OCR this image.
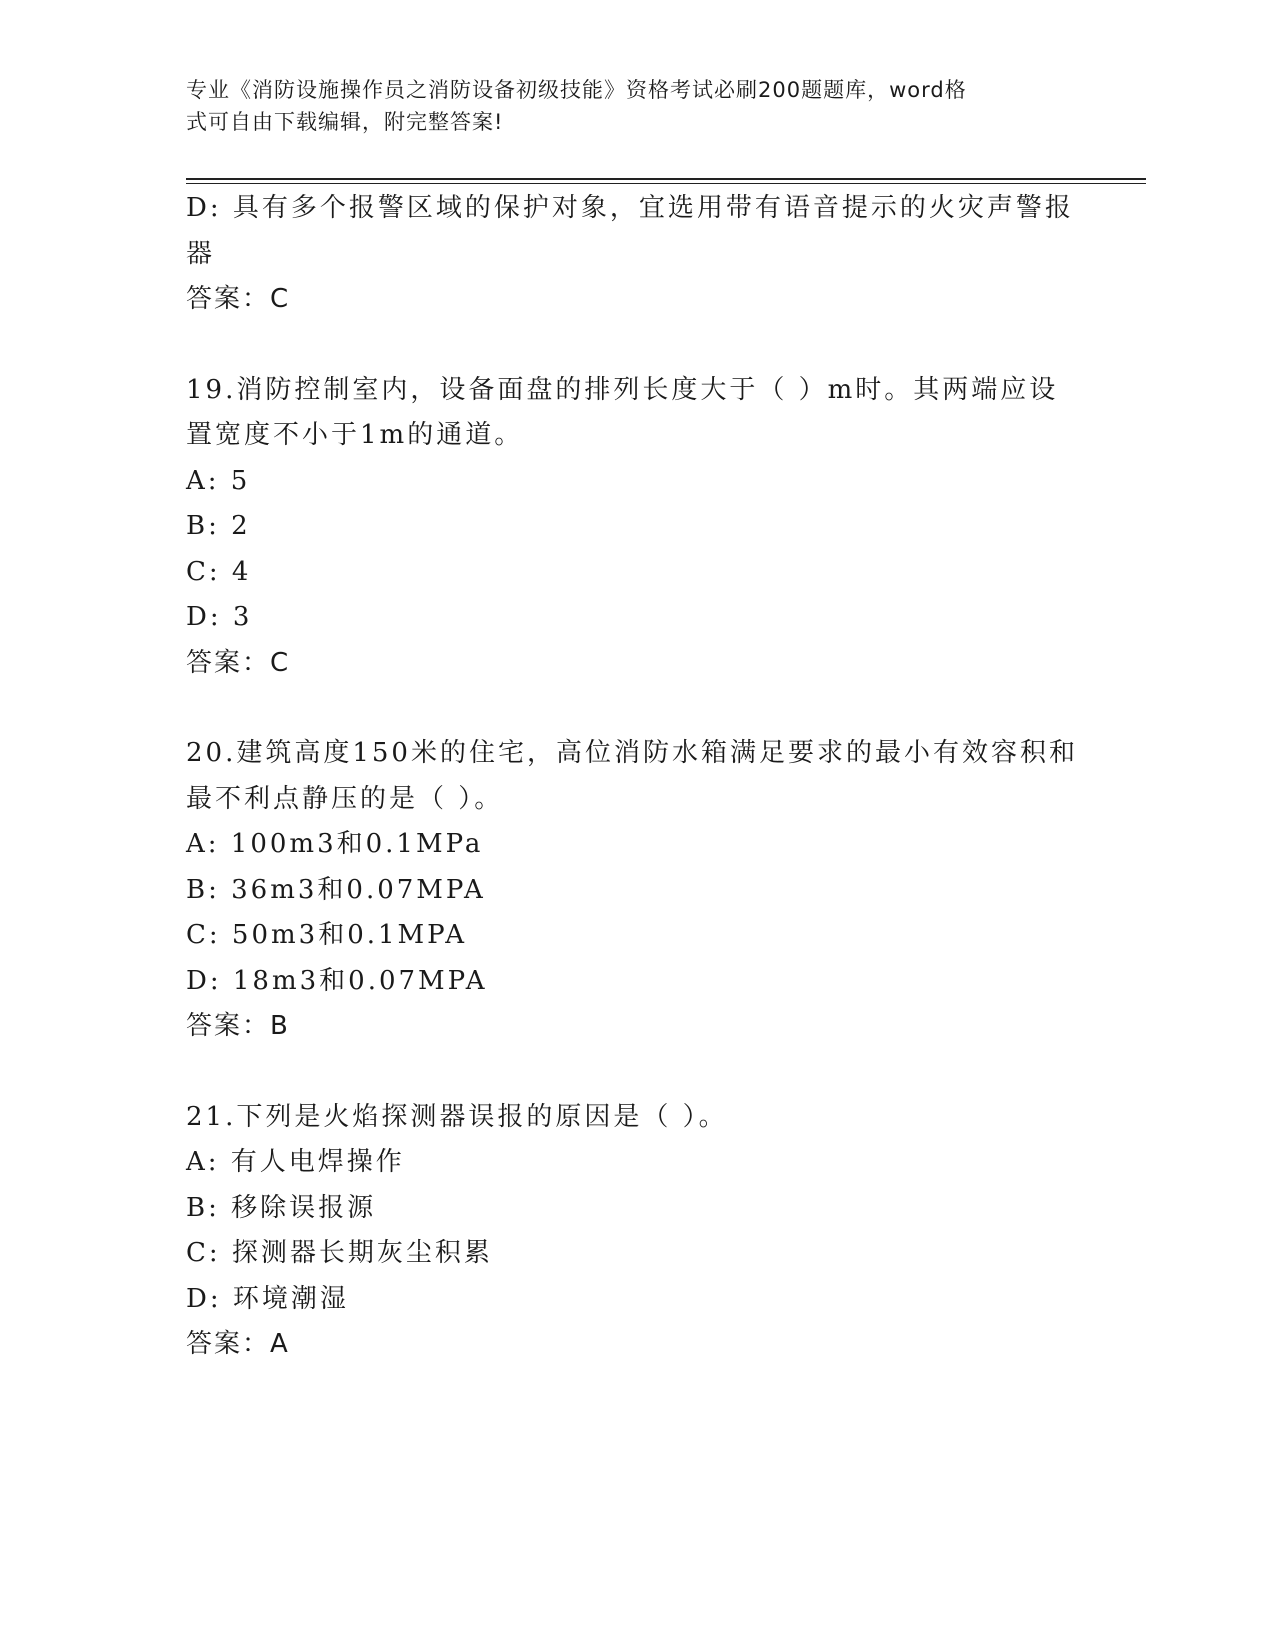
专业《消防设施操作员之消防设备初级技能》资格考试必刷200题题库，word格
式可自由下载编辑，附完整答案!
D: 具有多个报警区域的保护对象，宜选用带有语音提示的火灾声警报
器
答案：C
19.消防控制室内，设备面盘的排列长度大于（ ）m时。其两端应设
置宽度不小于1m的通道。
A: 5
B: 2
C: 4
D: 3
答案：C
20.建筑高度150米的住宅，高位消防水箱满足要求的最小有效容积和
最不利点静压的是（ ）。
A: 100m3和0.1MPa
B: 36m3和0.07MPA
C: 50m3和0.1MPA
D: 18m3和0.07MPA
答案：B
21.下列是火焰探测器误报的原因是（ ）。
A: 有人电焊操作
B: 移除误报源
C: 探测器长期灰尘积累
D: 环境潮湿
答案：A
